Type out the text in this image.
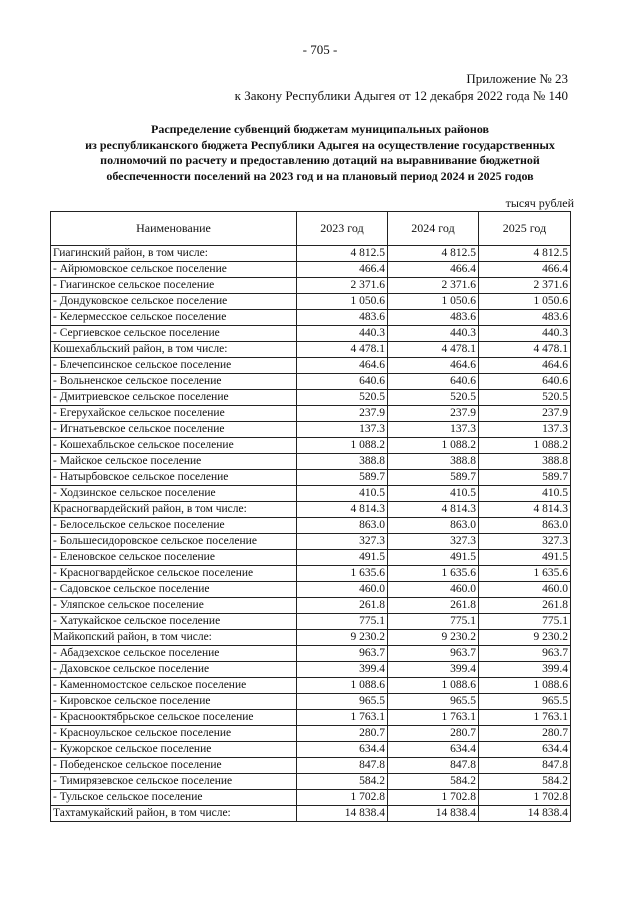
- 705 -
Приложение № 23
к Закону Республики Адыгея от 12 декабря 2022 года № 140
Распределение субвенций бюджетам муниципальных районов
из республиканского бюджета Республики Адыгея на осуществление государственных
полномочий по расчету и предоставлению дотаций на выравнивание бюджетной
обеспеченности поселений на 2023 год и на плановый период 2024 и 2025 годов
тысяч рублей
Наименование	2023 год	2024 год	2025 год
Гиагинский район, в том числе:	4 812.5	4 812.5	4 812.5
- Айрюмовское сельское поселение	466.4	466.4	466.4
- Гиагинское сельское поселение	2 371.6	2 371.6	2 371.6
- Дондуковское сельское поселение	1 050.6	1 050.6	1 050.6
- Келермесское сельское поселение	483.6	483.6	483.6
- Сергиевское сельское поселение	440.3	440.3	440.3
Кошехабльский район, в том числе:	4 478.1	4 478.1	4 478.1
- Блечепсинское сельское поселение	464.6	464.6	464.6
- Вольненское сельское поселение	640.6	640.6	640.6
- Дмитриевское сельское поселение	520.5	520.5	520.5
- Егерухайское сельское поселение	237.9	237.9	237.9
- Игнатьевское сельское поселение	137.3	137.3	137.3
- Кошехабльское сельское поселение	1 088.2	1 088.2	1 088.2
- Майское сельское поселение	388.8	388.8	388.8
- Натырбовское сельское поселение	589.7	589.7	589.7
- Ходзинское сельское поселение	410.5	410.5	410.5
Красногвардейский район, в том числе:	4 814.3	4 814.3	4 814.3
- Белосельское сельское поселение	863.0	863.0	863.0
- Большесидоровское сельское поселение	327.3	327.3	327.3
- Еленовское сельское поселение	491.5	491.5	491.5
- Красногвардейское сельское поселение	1 635.6	1 635.6	1 635.6
- Садовское сельское поселение	460.0	460.0	460.0
- Уляпское сельское поселение	261.8	261.8	261.8
- Хатукайское сельское поселение	775.1	775.1	775.1
Майкопский район, в том числе:	9 230.2	9 230.2	9 230.2
- Абадзехское сельское поселение	963.7	963.7	963.7
- Даховское сельское поселение	399.4	399.4	399.4
- Каменномостское сельское поселение	1 088.6	1 088.6	1 088.6
- Кировское сельское поселение	965.5	965.5	965.5
- Краснооктябрьское сельское поселение	1 763.1	1 763.1	1 763.1
- Красноульское сельское поселение	280.7	280.7	280.7
- Кужорское сельское поселение	634.4	634.4	634.4
- Победенское сельское поселение	847.8	847.8	847.8
- Тимирязевское сельское поселение	584.2	584.2	584.2
- Тульское сельское поселение	1 702.8	1 702.8	1 702.8
Тахтамукайский район, в том числе:	14 838.4	14 838.4	14 838.4
